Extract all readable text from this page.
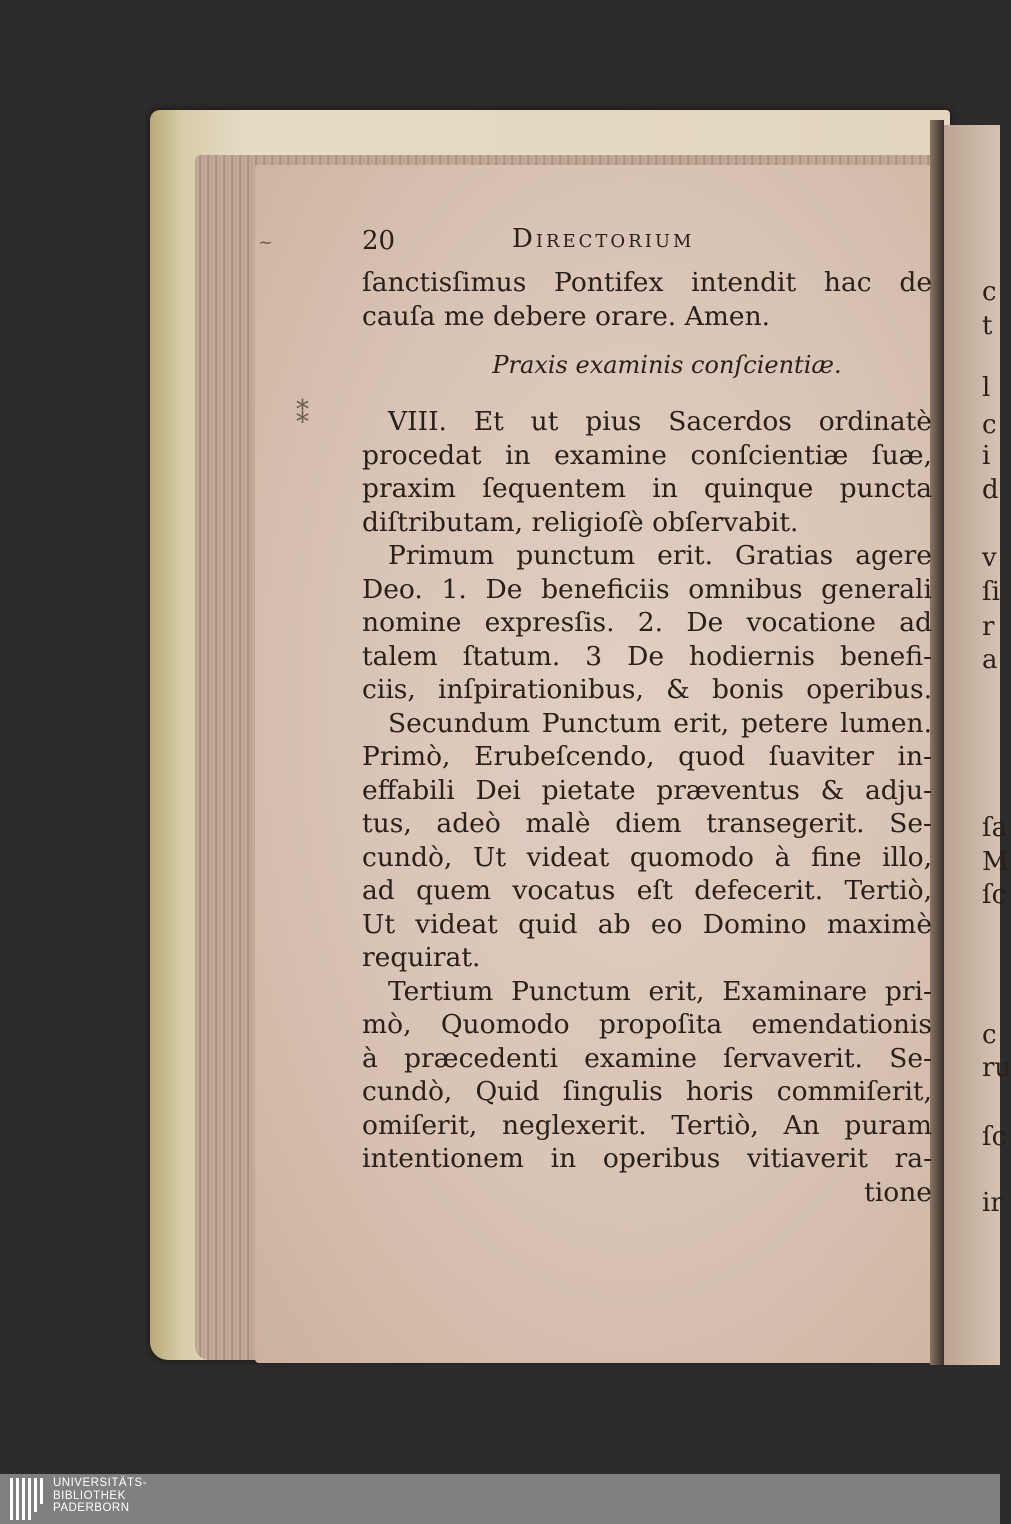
c
t
l
c
i
d
v
ſi
r
a
ſa
M
ſc
c
ru
ſc
ir
~
⁑
20	Directorium
ſanctisſimus Pontifex intendit hac de
cauſa me debere orare. Amen.
Praxis examinis conſcientiæ.
VIII. Et ut pius Sacerdos ordinatè
procedat in examine conſcientiæ ſuæ,
praxim ſequentem in quinque puncta
diſtributam, religioſè obſervabit.
Primum punctum erit. Gratias agere
Deo. 1. De beneficiis omnibus generali
nomine expresſis. 2. De vocatione ad
talem ſtatum. 3 De hodiernis benefi-
ciis, inſpirationibus, & bonis operibus.
Secundum Punctum erit, petere lumen.
Primò, Erubeſcendo, quod ſuaviter in-
effabili Dei pietate præventus & adju-
tus, adeò malè diem transegerit. Se-
cundò, Ut videat quomodo à fine illo,
ad quem vocatus eſt defecerit. Tertiò,
Ut videat quid ab eo Domino maximè
requirat.
Tertium Punctum erit, Examinare pri-
mò, Quomodo propoſita emendationis
à præcedenti examine ſervaverit. Se-
cundò, Quid ſingulis horis commiſerit,
omiſerit, neglexerit. Tertiò, An puram
intentionem in operibus vitiaverit ra-
tione
UNIVERSITÄTS-
BIBLIOTHEK
PADERBORN
